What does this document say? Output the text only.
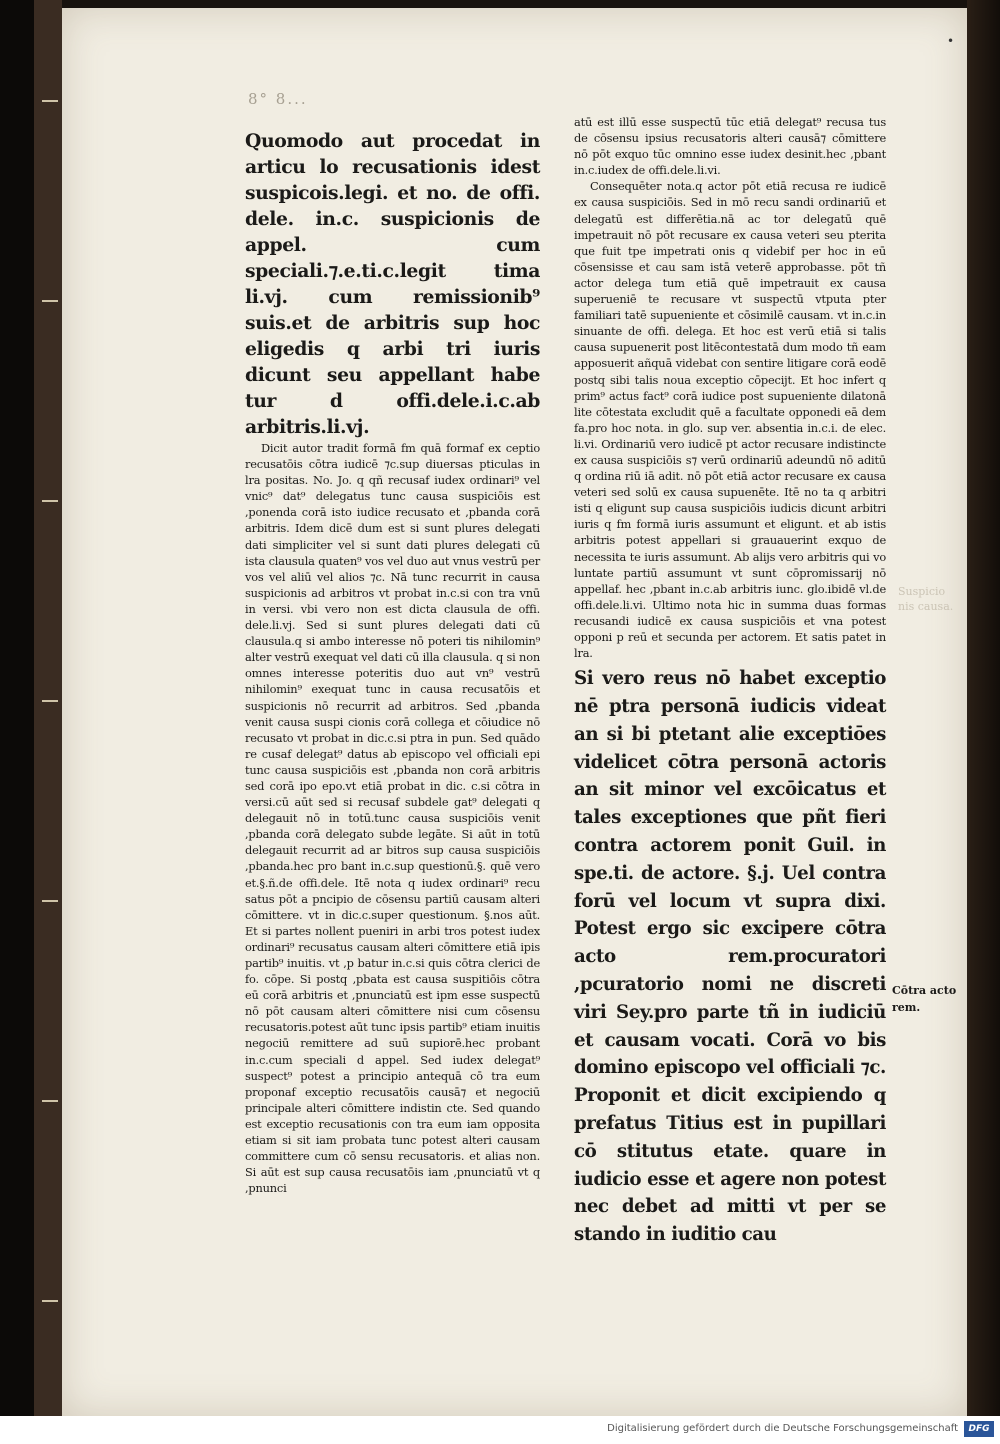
8° 8...
•

Quomodo aut procedat in articu lo recusationis idest suspicois.legi. et no. de offi. dele. in.c. suspicionis de appel. cum speciali.⁊.e.ti.c.legit tima li.vj. cum remissionib⁹ suis.et de arbitris sup hoc eligedis q arbi tri iuris dicunt seu appellant habe tur d offi.dele.i.c.ab arbitris.li.vj.

Dicit autor tradit formā fm quā formaf ex ceptio recusatōis cōtra iudicē ⁊c.sup diuersas pticulas in lra positas. No. Jo. q qñ recusaf iudex ordinari⁹ vel vnic⁹ dat⁹ delegatus tunc causa suspiciōis est ,ponenda corā isto iudice recusato et ,pbanda corā arbitris. Idem dicē dum est si sunt plures delegati dati simpliciter vel si sunt dati plures delegati cū ista clausula quaten⁹ vos vel duo aut vnus vestrū per vos vel aliū vel alios ⁊c. Nā tunc recurrit in causa suspicionis ad arbitros vt probat in.c.si con tra vnū in versi. vbi vero non est dicta clausula de offi. dele.li.vj. Sed si sunt plures delegati dati cū clausula.q si ambo interesse nō poteri tis nihilomin⁹ alter vestrū exequat vel dati cū illa clausula. q si non omnes interesse poteritis duo aut vn⁹ vestrū nihilomin⁹ exequat tunc in causa recusatōis et suspicionis nō recurrit ad arbitros. Sed ,pbanda venit causa suspi cionis corā collega et cōiudice nō recusato vt probat in dic.c.si ptra in pun. Sed quādo re cusaf delegat⁹ datus ab episcopo vel officiali epi tunc causa suspiciōis est ,pbanda non corā arbitris sed corā ipo epo.vt etiā probat in dic. c.si cōtra in versi.cū aūt sed si recusaf subdele gat⁹ delegati q delegauit nō in totū.tunc causa suspiciōis venit ,pbanda corā delegato subde legāte. Si aūt in totū delegauit recurrit ad ar bitros sup causa suspiciōis ,pbanda.hec pro bant in.c.sup questionū.§. quē vero et.§.ñ.de offi.dele. Itē nota q iudex ordinari⁹ recu satus pōt a pncipio de cōsensu partiū causam alteri cōmittere. vt in dic.c.super questionum. §.nos aūt. Et si partes nollent pueniri in arbi tros potest iudex ordinari⁹ recusatus causam alteri cōmittere etiā ipis partib⁹ inuitis. vt ,p batur in.c.si quis cōtra clerici de fo. cōpe. Si postq ,pbata est causa suspitiōis cōtra eū corā arbitris et ,pnunciatū est ipm esse suspectū nō pōt causam alteri cōmittere nisi cum cōsensu recusatoris.potest aūt tunc ipsis partib⁹ etiam inuitis negociū remittere ad suū supiorē.hec probant in.c.cum speciali d appel. Sed iudex delegat⁹ suspect⁹ potest a principio antequā cō tra eum proponaf exceptio recusatōis causā⁊ et negociū principale alteri cōmittere indistin cte. Sed quando est exceptio recusationis con tra eum iam opposita etiam si sit iam probata tunc potest alteri causam committere cum cō sensu recusatoris. et alias non. Si aūt est sup causa recusatōis iam ,pnunciatū vt q ,pnunci

atū est illū esse suspectū tūc etiā delegat⁹ recusa tus de cōsensu ipsius recusatoris alteri causā⁊ cōmittere nō pōt exquo tūc omnino esse iudex desinit.hec ,pbant in.c.iudex de offi.dele.li.vi.

Consequēter nota.q actor pōt etiā recusa re iudicē ex causa suspiciōis. Sed in mō recu sandi ordinariū et delegatū est differētia.nā ac tor delegatū quē impetrauit nō pōt recusare ex causa veteri seu pterita que fuit tpe impetrati onis q videbif per hoc in eū cōsensisse et cau sam istā veterē approbasse. pōt tñ actor delega tum etiā quē impetrauit ex causa superueniē te recusare vt suspectū vtputa pter familiari tatē supueniente et cōsimilē causam. vt in.c.in sinuante de offi. delega. Et hoc est verū etiā si talis causa supuenerit post litēcontestatā dum modo tñ eam apposuerit añquā videbat con sentire litigare corā eodē postq sibi talis noua exceptio cōpecijt. Et hoc infert q prim⁹ actus fact⁹ corā iudice post supueniente dilatonā lite cōtestata excludit quē a facultate opponedi eā dem fa.pro hoc nota. in glo. sup ver. absentia in.c.i. de elec. li.vi. Ordinariū vero iudicē pt actor recusare indistincte ex causa suspiciōis s⁊ verū ordinariū adeundū nō aditū q ordina riū iā adit. nō pōt etiā actor recusare ex causa veteri sed solū ex causa supuenēte. Itē no ta q arbitri isti q eligunt sup causa suspiciōis iudicis dicunt arbitri iuris q fm formā iuris assumunt et eligunt. et ab istis arbitris potest appellari si grauauerint exquo de necessita te iuris assumunt. Ab alijs vero arbitris qui vo luntate partiū assumunt vt sunt cōpromissarij nō appellaf. hec ,pbant in.c.ab arbitris iunc. glo.ibidē vl.de offi.dele.li.vi. Ultimo nota hic in summa duas formas recusandi iudicē ex causa suspiciōis et vna potest opponi p reū et secunda per actorem. Et satis patet in lra.

Si vero reus nō habet exceptio nē ptra personā iudicis videat an si bi ptetant alie exceptiōes videlicet cōtra personā actoris an sit minor vel excōicatus et tales exceptiones que pñt fieri contra actorem ponit Guil. in spe.ti. de actore. §.j. Uel contra forū vel locum vt supra dixi. Potest ergo sic excipere cōtra acto rem.procuratori ,pcuratorio nomi ne discreti viri Sey.pro parte tñ in iudiciū et causam vocati. Corā vo bis domino episcopo vel officiali ⁊c. Proponit et dicit excipiendo q prefatus Titius est in pupillari cō stitutus etate. quare in iudicio esse et agere non potest nec debet ad mitti vt per se stando in iuditio cau

Suspicio nis causa.
Cōtra acto rem.
Digitalisierung gefördert durch die Deutsche Forschungsgemeinschaft	DFG
